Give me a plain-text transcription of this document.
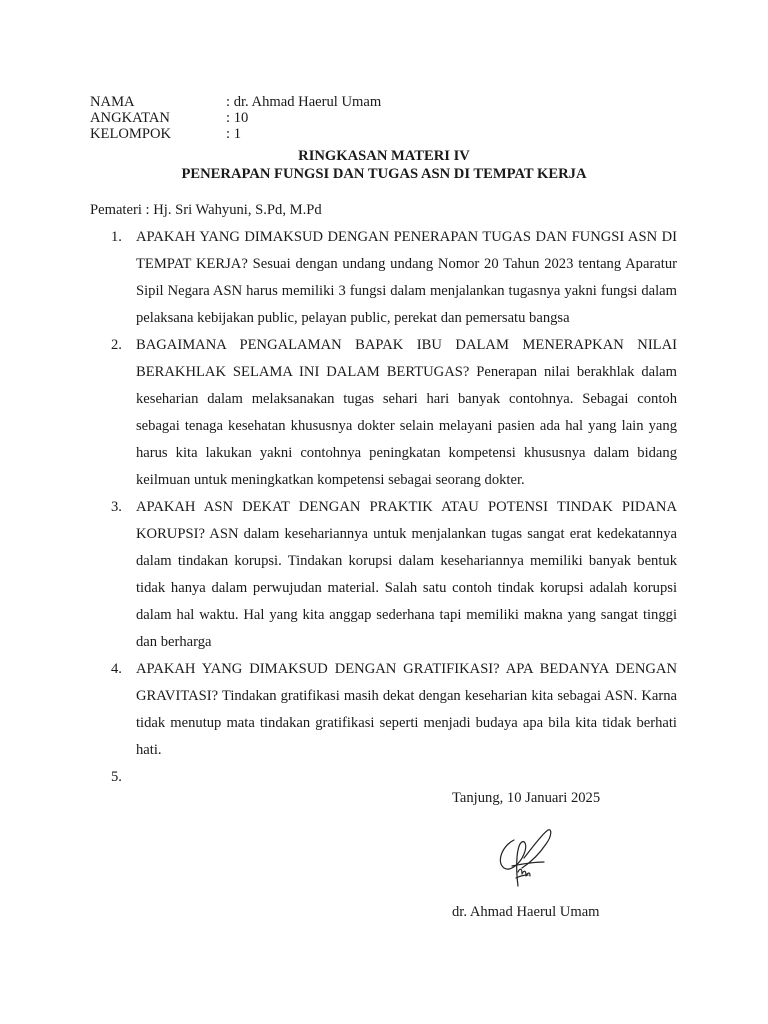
NAMA	: dr. Ahmad Haerul Umam
ANGKATAN	: 10
KELOMPOK	: 1
RINGKASAN MATERI IV
PENERAPAN FUNGSI DAN TUGAS ASN DI TEMPAT KERJA
Pemateri : Hj. Sri Wahyuni, S.Pd, M.Pd
1. APAKAH YANG DIMAKSUD DENGAN PENERAPAN TUGAS DAN FUNGSI ASN DI TEMPAT KERJA? Sesuai dengan undang undang Nomor 20 Tahun 2023 tentang Aparatur Sipil Negara ASN harus memiliki 3 fungsi dalam menjalankan tugasnya yakni fungsi dalam pelaksana kebijakan public, pelayan public, perekat dan pemersatu bangsa
2. BAGAIMANA PENGALAMAN BAPAK IBU DALAM MENERAPKAN NILAI BERAKHLAK SELAMA INI DALAM BERTUGAS? Penerapan nilai berakhlak dalam keseharian dalam melaksanakan tugas sehari hari banyak contohnya. Sebagai contoh sebagai tenaga kesehatan khususnya dokter selain melayani pasien ada hal yang lain yang harus kita lakukan yakni contohnya peningkatan kompetensi khususnya dalam bidang keilmuan untuk meningkatkan kompetensi sebagai seorang dokter.
3. APAKAH ASN DEKAT DENGAN PRAKTIK ATAU POTENSI TINDAK PIDANA KORUPSI? ASN dalam kesehariannya untuk menjalankan tugas sangat erat kedekatannya dalam tindakan korupsi. Tindakan korupsi dalam kesehariannya memiliki banyak bentuk tidak hanya dalam perwujudan material. Salah satu contoh tindak korupsi adalah korupsi dalam hal waktu. Hal yang kita anggap sederhana tapi memiliki makna yang sangat tinggi dan berharga
4. APAKAH YANG DIMAKSUD DENGAN GRATIFIKASI? APA BEDANYA DENGAN GRAVITASI? Tindakan gratifikasi masih dekat dengan keseharian kita sebagai ASN. Karna tidak menutup mata tindakan gratifikasi seperti menjadi budaya apa bila kita tidak berhati hati.
5.

Tanjung, 10 Januari 2025
dr. Ahmad Haerul Umam
